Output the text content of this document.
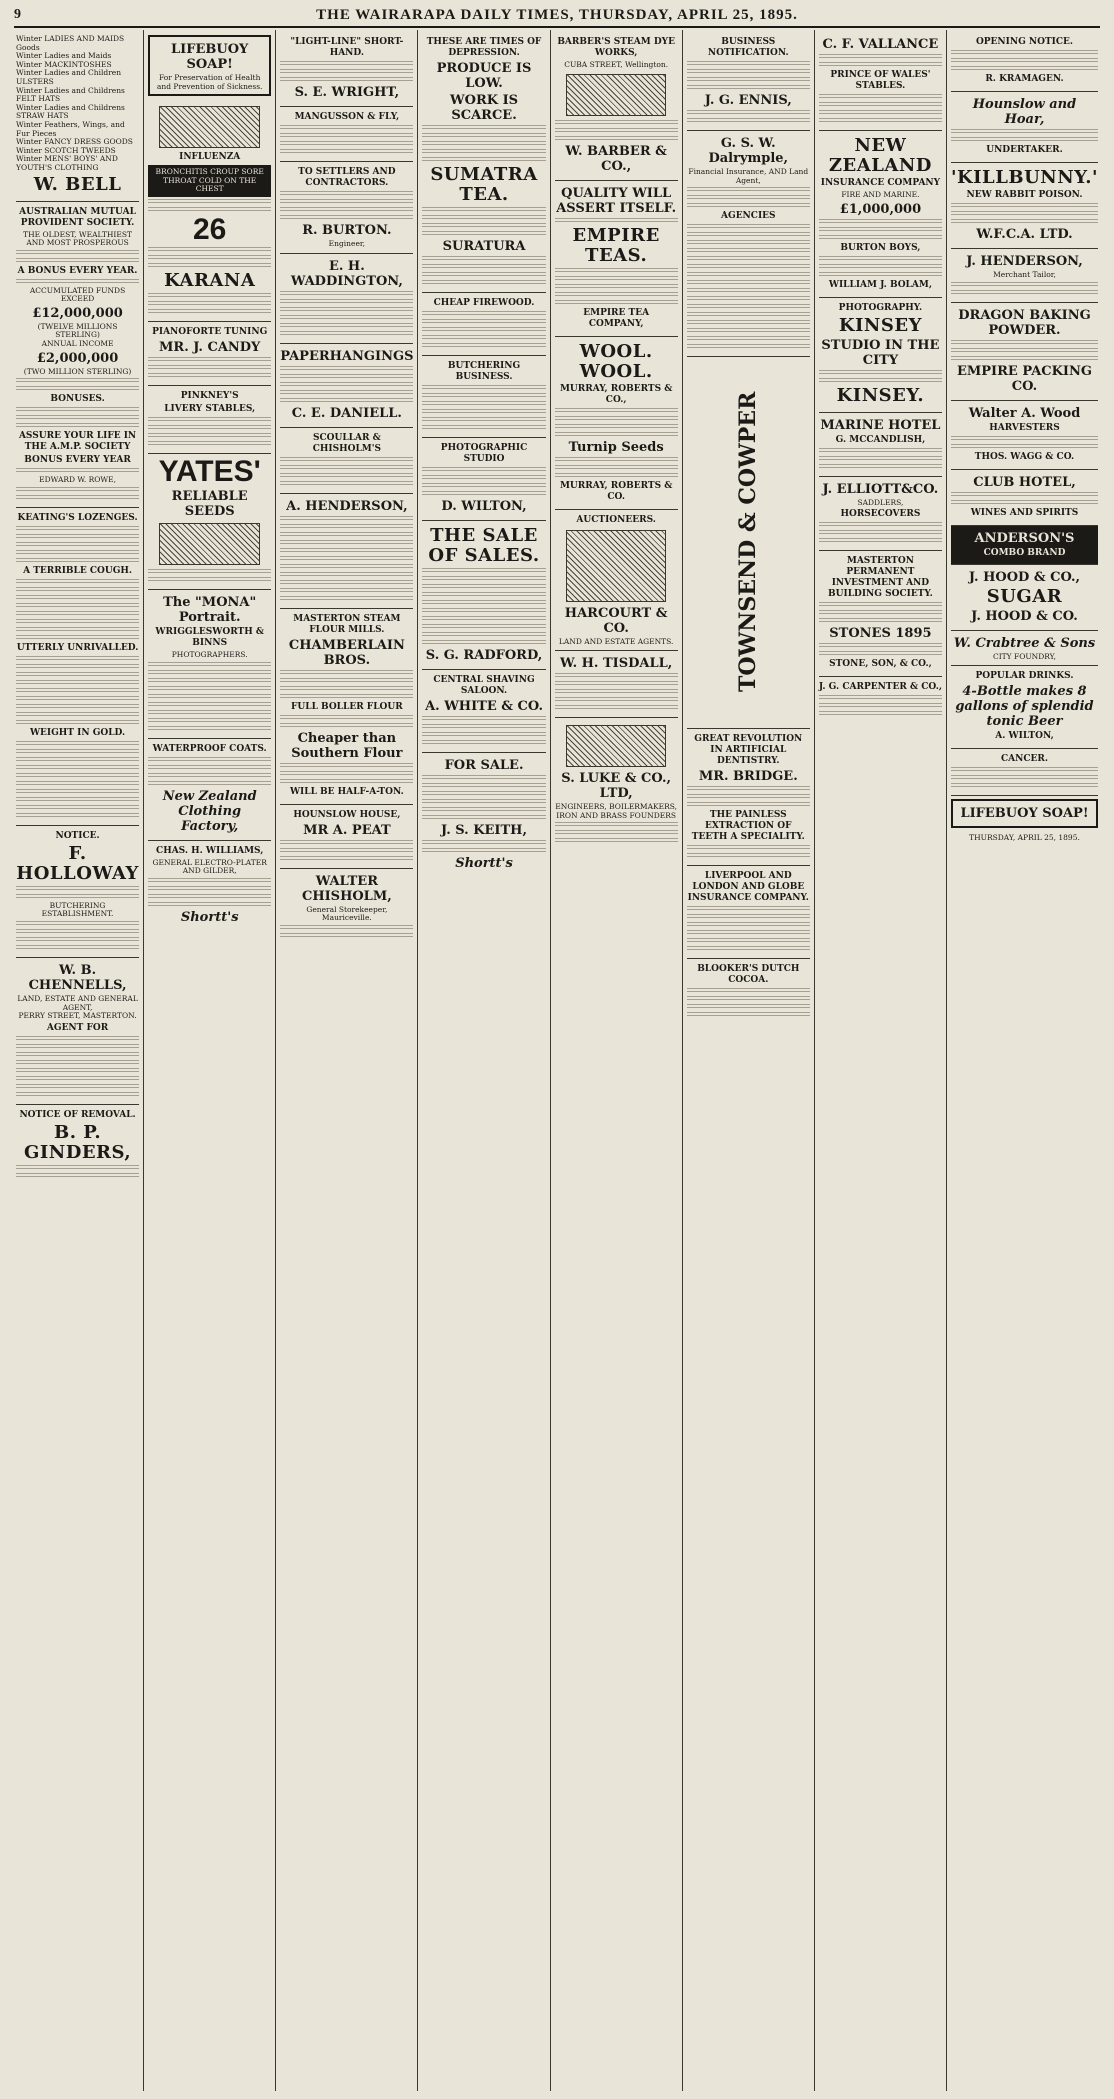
9	THE WAIRARAPA DAILY TIMES, THURSDAY, APRIL 25, 1895.
Winter LADIES AND MAIDS Goods
Winter Ladies and Maids
Winter MACKINTOSHES
Winter Ladies and Children ULSTERS
Winter Ladies and Childrens FELT HATS
Winter Ladies and Childrens STRAW HATS
Winter Feathers, Wings, and Fur Pieces
Winter FANCY DRESS GOODS
Winter SCOTCH TWEEDS
Winter MENS' BOYS' AND YOUTH'S CLOTHING
W. BELL
AUSTRALIAN MUTUAL PROVIDENT SOCIETY.
THE OLDEST, WEALTHIEST AND MOST PROSPEROUS
A BONUS EVERY YEAR.
ACCUMULATED FUNDS EXCEED
£12,000,000
(TWELVE MILLIONS STERLING)
ANNUAL INCOME
£2,000,000
(TWO MILLION STERLING)
BONUSES.
ASSURE YOUR LIFE IN THE A.M.P. SOCIETY
BONUS EVERY YEAR
EDWARD W. ROWE,
KEATING'S LOZENGES.
A TERRIBLE COUGH.
UTTERLY UNRIVALLED.
WEIGHT IN GOLD.
NOTICE.
F. HOLLOWAY
BUTCHERING ESTABLISHMENT.
W. B. CHENNELLS,
LAND, ESTATE AND GENERAL AGENT,
PERRY STREET, MASTERTON.
AGENT FOR
NOTICE OF REMOVAL.
B. P. GINDERS,
LIFEBUOY SOAP!
For Preservation of Health and Prevention of Sickness.
INFLUENZA
BRONCHITIS CROUP SORE THROAT COLD ON THE CHEST
26
KARANA
PIANOFORTE TUNING
MR. J. CANDY
PINKNEY'S
LIVERY STABLES,
YATES'
RELIABLE SEEDS
The "MONA" Portrait.
WRIGGLESWORTH & BINNS
PHOTOGRAPHERS.
WATERPROOF COATS.
New Zealand Clothing Factory,
CHAS. H. WILLIAMS,
GENERAL ELECTRO-PLATER AND GILDER,
Shortt's
"LIGHT-LINE" SHORT-HAND.
S. E. WRIGHT,
MANGUSSON & FLY,
TO SETTLERS AND CONTRACTORS.
R. BURTON.
Engineer,
E. H. WADDINGTON,
PAPERHANGINGS
C. E. DANIELL.
SCOULLAR & CHISHOLM'S
A. HENDERSON,
MASTERTON STEAM FLOUR MILLS.
CHAMBERLAIN BROS.
FULL BOLLER FLOUR
Cheaper than Southern Flour
WILL BE HALF-A-TON.
HOUNSLOW HOUSE,
MR A. PEAT
WALTER CHISHOLM,
General Storekeeper, Mauriceville.
THESE ARE TIMES OF DEPRESSION.
PRODUCE IS LOW.
WORK IS SCARCE.
SUMATRA TEA.
SURATURA
CHEAP FIREWOOD.
BUTCHERING BUSINESS.
PHOTOGRAPHIC STUDIO
D. WILTON,
THE SALE OF SALES.
S. G. RADFORD,
CENTRAL SHAVING SALOON.
A. WHITE & CO.
FOR SALE.
J. S. KEITH,
Shortt's
BARBER'S STEAM DYE WORKS,
CUBA STREET, Wellington.
W. BARBER & CO.,
QUALITY WILL ASSERT ITSELF.
EMPIRE TEAS.
EMPIRE TEA COMPANY,
WOOL. WOOL.
MURRAY, ROBERTS & CO.,
Turnip Seeds
MURRAY, ROBERTS & CO.
AUCTIONEERS.
HARCOURT & CO.
LAND AND ESTATE AGENTS.
W. H. TISDALL,
S. LUKE & CO., LTD,
ENGINEERS, BOILERMAKERS, IRON AND BRASS FOUNDERS
BUSINESS NOTIFICATION.
J. G. ENNIS,
G. S. W. Dalrymple,
Financial Insurance, AND Land Agent,
AGENCIES
TOWNSEND & COWPER
GREAT REVOLUTION IN ARTIFICIAL DENTISTRY.
MR. BRIDGE.
THE PAINLESS EXTRACTION OF TEETH A SPECIALITY.
LIVERPOOL AND LONDON AND GLOBE INSURANCE COMPANY.
BLOOKER'S DUTCH COCOA.
C. F. VALLANCE
PRINCE OF WALES' STABLES.
NEW ZEALAND
INSURANCE COMPANY
FIRE AND MARINE.
£1,000,000
BURTON BOYS,
WILLIAM J. BOLAM,
PHOTOGRAPHY.
KINSEY
STUDIO IN THE CITY
KINSEY.
MARINE HOTEL
G. MCCANDLISH,
J. ELLIOTT&CO.
SADDLERS,
HORSECOVERS
MASTERTON PERMANENT INVESTMENT AND BUILDING SOCIETY.
STONES 1895
STONE, SON, & CO.,
J. G. CARPENTER & CO.,
OPENING NOTICE.
R. KRAMAGEN.
Hounslow and Hoar,
UNDERTAKER.
'KILLBUNNY.'
NEW RABBIT POISON.
W.F.C.A. LTD.
J. HENDERSON,
Merchant Tailor,
DRAGON BAKING POWDER.
EMPIRE PACKING CO.
Walter A. Wood
HARVESTERS
THOS. WAGG & CO.
CLUB HOTEL,
WINES AND SPIRITS
ANDERSON'S
COMBO BRAND
J. HOOD & CO.,
SUGAR
J. HOOD & CO.
W. Crabtree & Sons
CITY FOUNDRY,
POPULAR DRINKS.
4-Bottle makes 8 gallons of splendid tonic Beer
A. WILTON,
CANCER.
LIFEBUOY SOAP!
THURSDAY, APRIL 25, 1895.
